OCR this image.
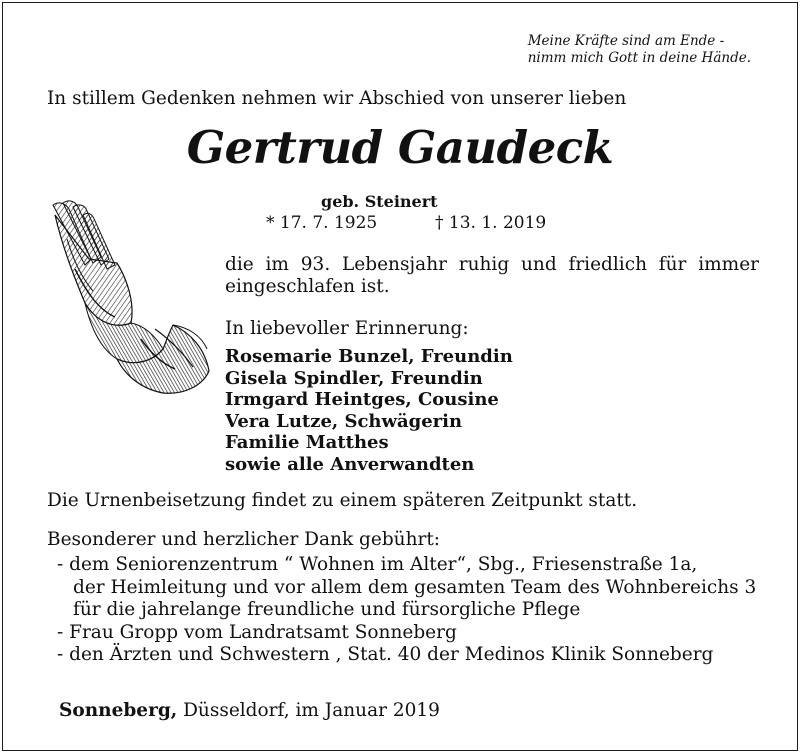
Meine Kräfte sind am Ende -
nimm mich Gott in deine Hände.
In stillem Gedenken nehmen wir Abschied von unserer lieben
Gertrud Gaudeck
geb. Steinert
* 17. 7. 1925	† 13. 1. 2019
die im 93. Lebensjahr ruhig und friedlich für immer eingeschlafen ist.
In liebevoller Erinnerung:
Rosemarie Bunzel, Freundin
Gisela Spindler, Freundin
Irmgard Heintges, Cousine
Vera Lutze, Schwägerin
Familie Matthes
sowie alle Anverwandten
Die Urnenbeisetzung findet zu einem späteren Zeitpunkt statt.
Besonderer und herzlicher Dank gebührt:
- dem Seniorenzentrum “ Wohnen im Alter“, Sbg., Friesenstraße 1a,
der Heimleitung und vor allem dem gesamten Team des Wohnbereichs 3
für die jahrelange freundliche und fürsorgliche Pflege
- Frau Gropp vom Landratsamt Sonneberg
- den Ärzten und Schwestern , Stat. 40 der Medinos Klinik Sonneberg
Sonneberg, Düsseldorf, im Januar 2019
